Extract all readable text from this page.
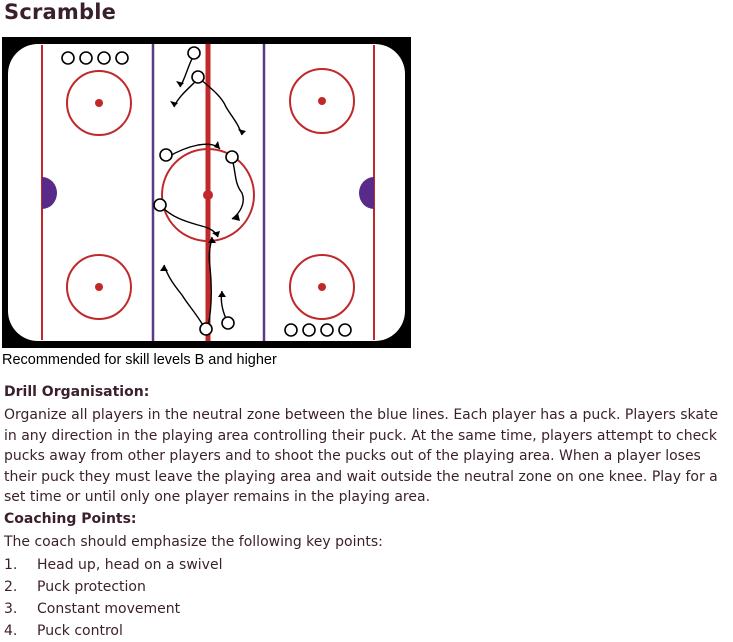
Scramble
Recommended for skill levels B and higher
Drill Organisation:

Organize all players in the neutral zone between the blue lines. Each player has a puck. Players skate in any direction in the playing area controlling their puck. At the same time, players attempt to check pucks away from other players and to shoot the pucks out of the playing area. When a player loses their puck they must leave the playing area and wait outside the neutral zone on one knee. Play for a set time or until only one player remains in the playing area.

Coaching Points:

The coach should emphasize the following key points:

1.	Head up, head on a swivel
2.	Puck protection
3.	Constant movement
4.	Puck control
